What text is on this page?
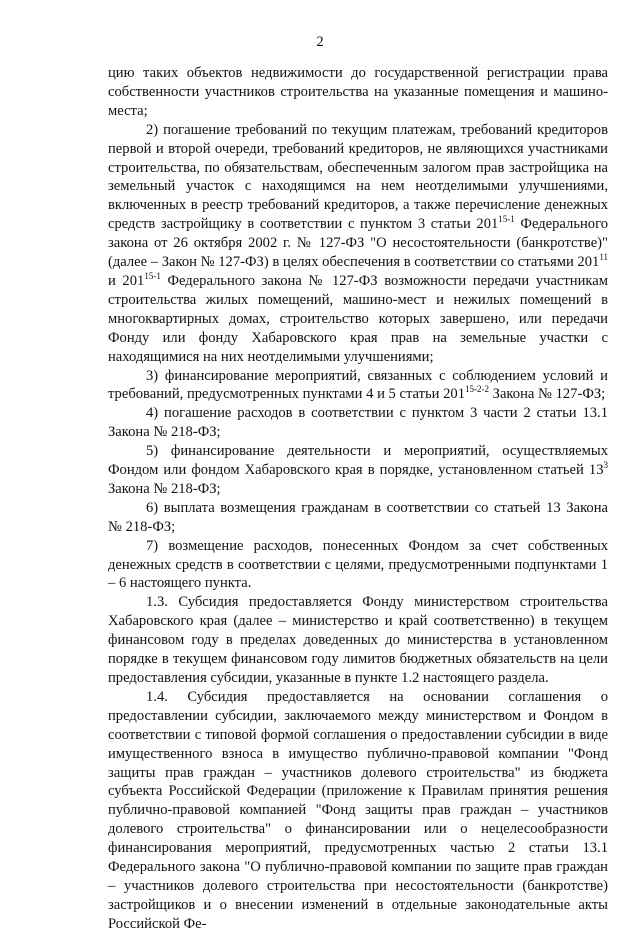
2

цию таких объектов недвижимости до государственной регистрации права собственности участников строительства на указанные помещения и машино-места;

2) погашение требований по текущим платежам, требований кредиторов первой и второй очереди, требований кредиторов, не являющихся участниками строительства, по обязательствам, обеспеченным залогом прав застройщика на земельный участок с находящимся на нем неотделимыми улучшениями, включенных в реестр требований кредиторов, а также перечисление денежных средств застройщику в соответствии с пунктом 3 статьи 201$^{15-1}$ Федерального закона от 26 октября 2002 г. № 127-ФЗ "О несостоятельности (банкротстве)" (далее – Закон № 127-ФЗ) в целях обеспечения в соответствии со статьями $201^{11}$ и 201$^{15-1}$ Федерального закона № 127-ФЗ возможности передачи участникам строительства жилых помещений, машино-мест и нежилых помещений в многоквартирных домах, строительство которых завершено, или передачи Фонду или фонду Хабаровского края прав на земельные участки с находящимися на них неотделимыми улучшениями;

3) финансирование мероприятий, связанных с соблюдением условий и требований, предусмотренных пунктами 4 и 5 статьи 201$^{15-2-2}$ Закона № 127-ФЗ;

4) погашение расходов в соответствии с пунктом 3 части 2 статьи 13.1 Закона № 218-ФЗ;

5) финансирование деятельности и мероприятий, осуществляемых Фондом или фондом Хабаровского края в порядке, установленном статьей $13^3$ Закона № 218-ФЗ;

6) выплата возмещения гражданам в соответствии со статьей 13 Закона № 218-ФЗ;

7) возмещение расходов, понесенных Фондом за счет собственных денежных средств в соответствии с целями, предусмотренными подпунктами 1 – 6 настоящего пункта.

1.3. Субсидия предоставляется Фонду министерством строительства Хабаровского края (далее – министерство и край соответственно) в текущем финансовом году в пределах доведенных до министерства в установленном порядке в текущем финансовом году лимитов бюджетных обязательств на цели предоставления субсидии, указанные в пункте 1.2 настоящего раздела.

1.4. Субсидия предоставляется на основании соглашения о предоставлении субсидии, заключаемого между министерством и Фондом в соответствии с типовой формой соглашения о предоставлении субсидии в виде имущественного взноса в имущество публично-правовой компании "Фонд защиты прав граждан – участников долевого строительства" из бюджета субъекта Российской Федерации (приложение к Правилам принятия решения публично-правовой компанией "Фонд защиты прав граждан – участников долевого строительства" о финансировании или о нецелесообразности финансирования мероприятий, предусмотренных частью 2 статьи 13.1 Федерального закона "О публично-правовой компании по защите прав граждан – участников долевого строительства при несостоятельности (банкротстве) застройщиков и о внесении изменений в отдельные законодательные акты Российской Фе-
